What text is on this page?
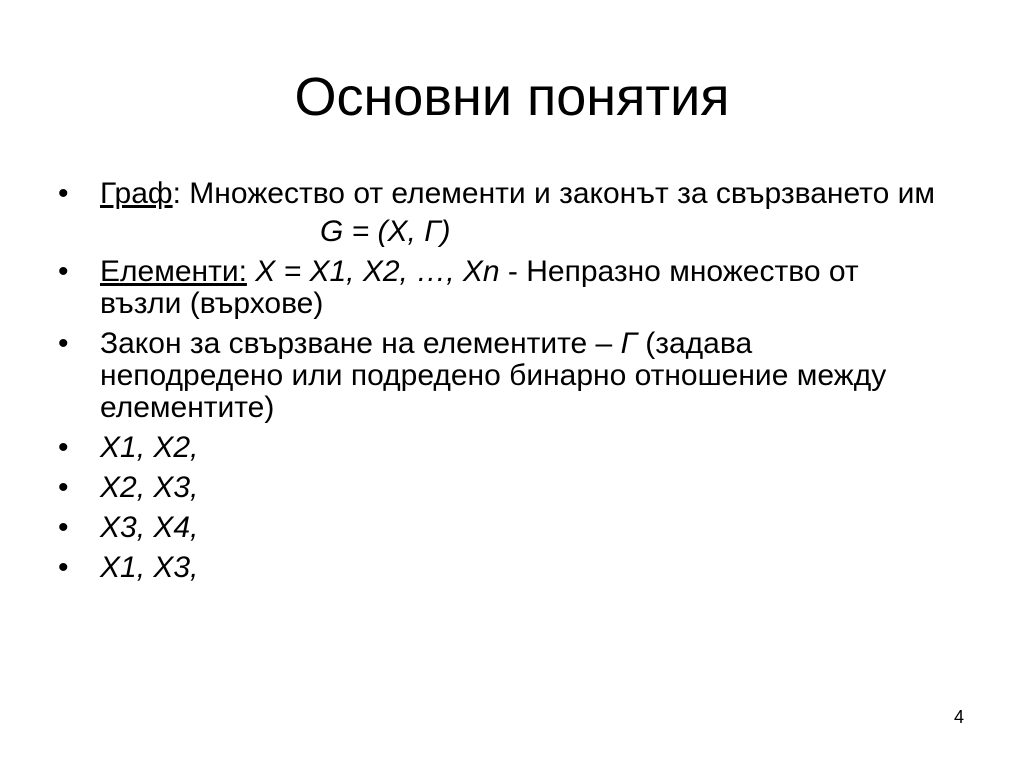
Основни понятия
•	Граф: Множество от елементи и законът за свързването им
G = (X, Г)
•	Елементи: X = X1, X2, …, Xn - Непразно множество от възли (върхове)
•	Закон за свързване на елементите – Г (задава неподредено или подредено бинарно отношение между елементите)
•	X1, X2,
•	X2, X3,
•	X3, X4,
•	X1, X3,
4
